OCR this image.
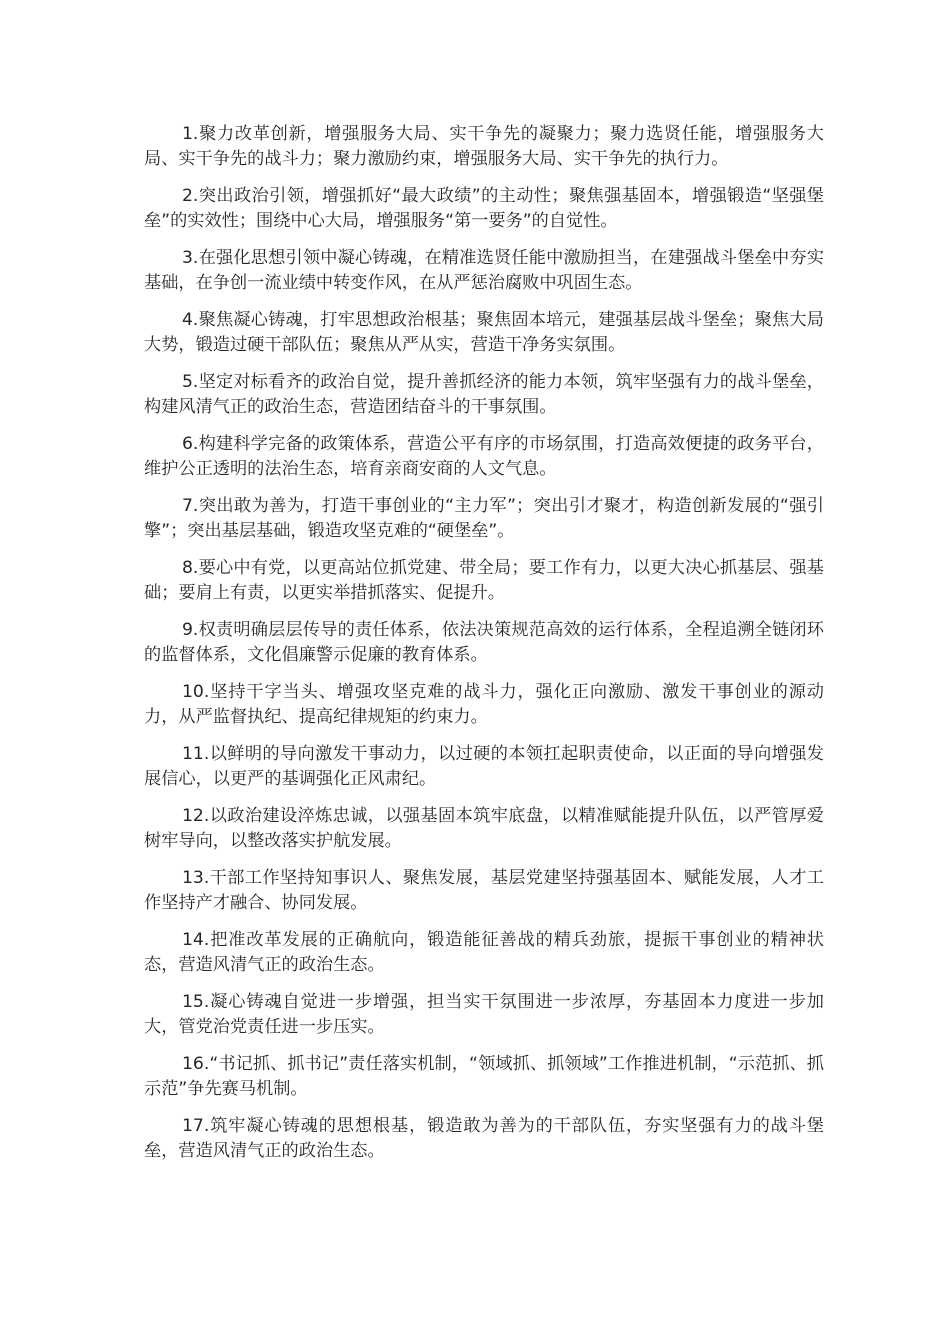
1.聚力改革创新，增强服务大局、实干争先的凝聚力；聚力选贤任能，增强服务大局、实干争先的战斗力；聚力激励约束，增强服务大局、实干争先的执行力。

2.突出政治引领，增强抓好“最大政绩”的主动性；聚焦强基固本，增强锻造“坚强堡垒”的实效性；围绕中心大局，增强服务“第一要务”的自觉性。

3.在强化思想引领中凝心铸魂，在精准选贤任能中激励担当，在建强战斗堡垒中夯实基础，在争创一流业绩中转变作风，在从严惩治腐败中巩固生态。

4.聚焦凝心铸魂，打牢思想政治根基；聚焦固本培元，建强基层战斗堡垒；聚焦大局大势，锻造过硬干部队伍；聚焦从严从实，营造干净务实氛围。

5.坚定对标看齐的政治自觉，提升善抓经济的能力本领，筑牢坚强有力的战斗堡垒，构建风清气正的政治生态，营造团结奋斗的干事氛围。

6.构建科学完备的政策体系，营造公平有序的市场氛围，打造高效便捷的政务平台，维护公正透明的法治生态，培育亲商安商的人文气息。

7.突出敢为善为，打造干事创业的“主力军”；突出引才聚才，构造创新发展的“强引擎”；突出基层基础，锻造攻坚克难的“硬堡垒”。

8.要心中有党，以更高站位抓党建、带全局；要工作有力，以更大决心抓基层、强基础；要肩上有责，以更实举措抓落实、促提升。

9.权责明确层层传导的责任体系，依法决策规范高效的运行体系，全程追溯全链闭环的监督体系，文化倡廉警示促廉的教育体系。

10.坚持干字当头、增强攻坚克难的战斗力，强化正向激励、激发干事创业的源动力，从严监督执纪、提高纪律规矩的约束力。

11.以鲜明的导向激发干事动力，以过硬的本领扛起职责使命，以正面的导向增强发展信心，以更严的基调强化正风肃纪。

12.以政治建设淬炼忠诚，以强基固本筑牢底盘，以精准赋能提升队伍，以严管厚爱树牢导向，以整改落实护航发展。

13.干部工作坚持知事识人、聚焦发展，基层党建坚持强基固本、赋能发展，人才工作坚持产才融合、协同发展。

14.把准改革发展的正确航向，锻造能征善战的精兵劲旅，提振干事创业的精神状态，营造风清气正的政治生态。

15.凝心铸魂自觉进一步增强，担当实干氛围进一步浓厚，夯基固本力度进一步加大，管党治党责任进一步压实。

16.“书记抓、抓书记”责任落实机制，“领域抓、抓领域”工作推进机制，“示范抓、抓示范”争先赛马机制。

17.筑牢凝心铸魂的思想根基，锻造敢为善为的干部队伍，夯实坚强有力的战斗堡垒，营造风清气正的政治生态。
